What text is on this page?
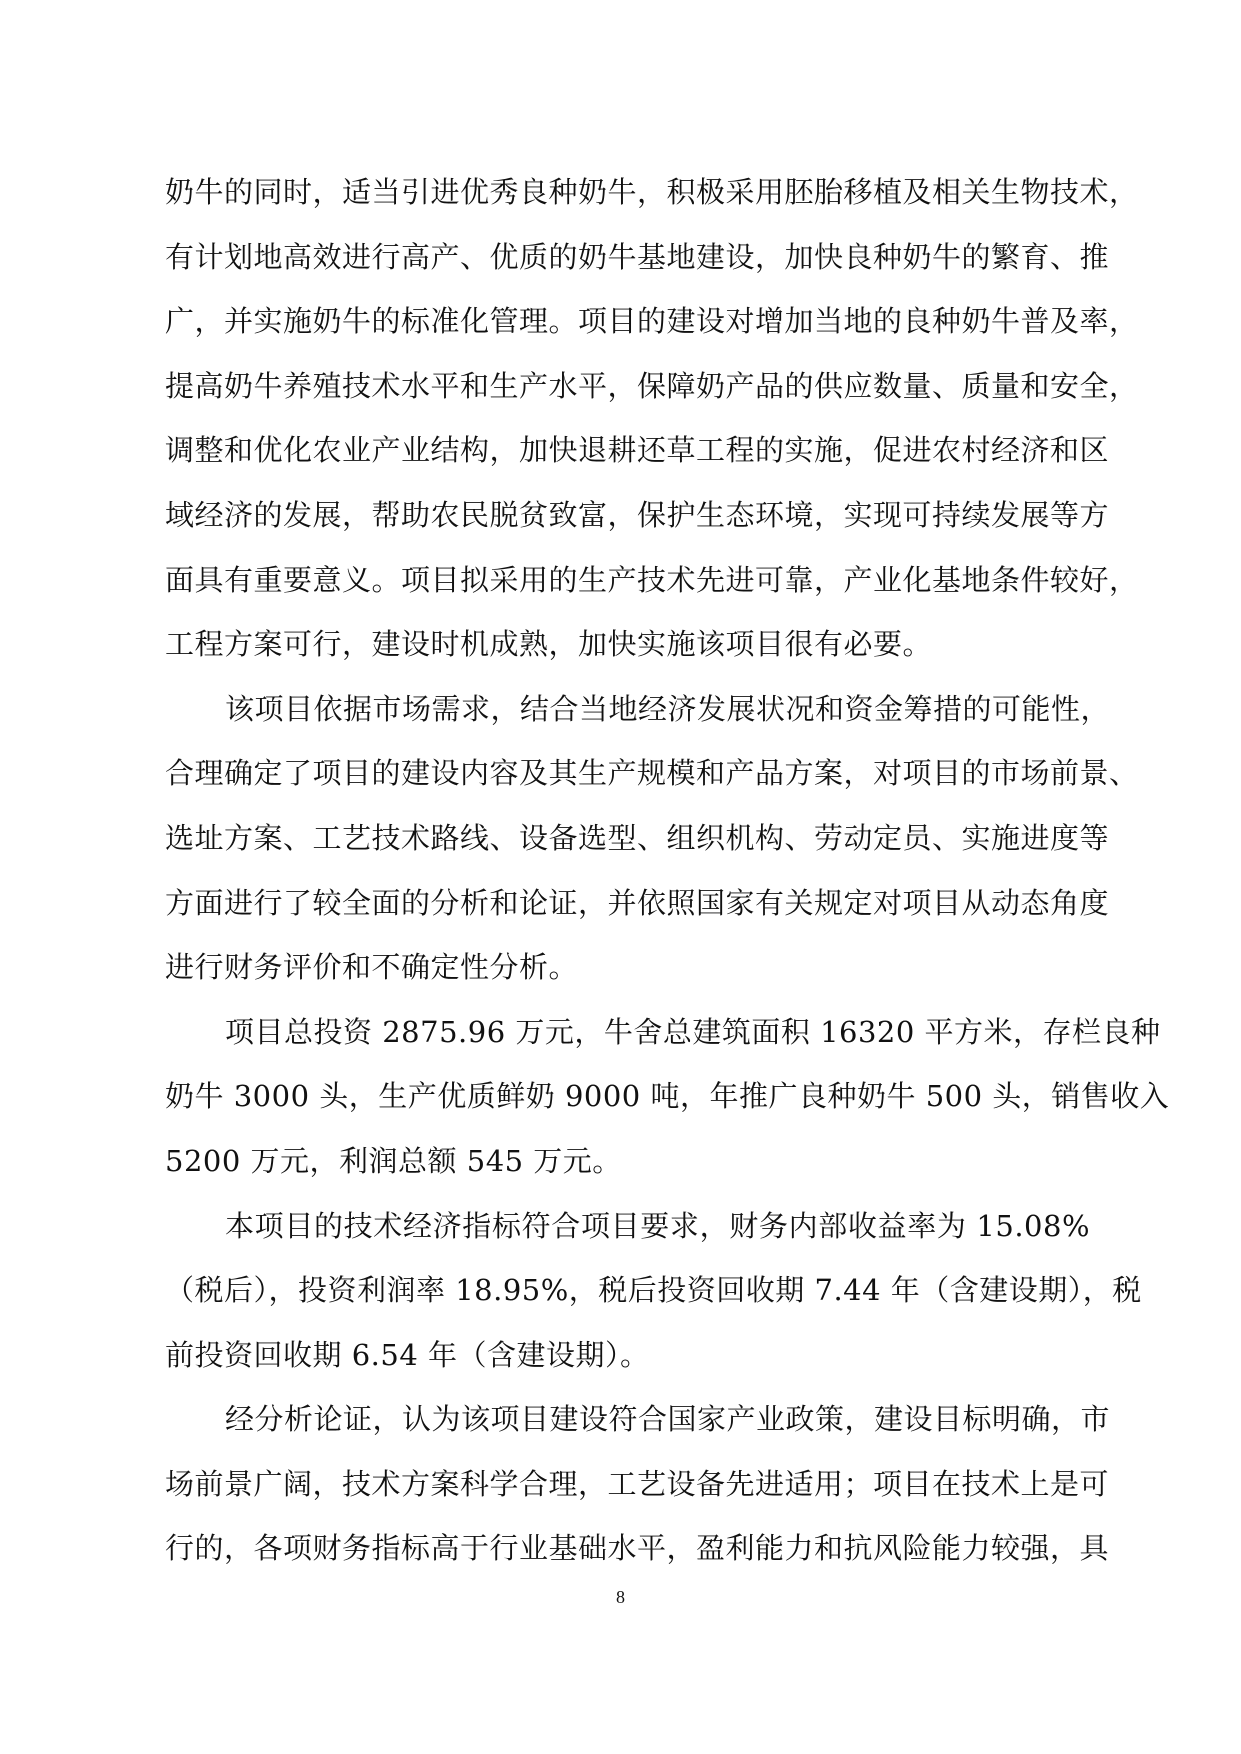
奶牛的同时，适当引进优秀良种奶牛，积极采用胚胎移植及相关生物技术，
有计划地高效进行高产、优质的奶牛基地建设，加快良种奶牛的繁育、推
广，并实施奶牛的标准化管理。项目的建设对增加当地的良种奶牛普及率，
提高奶牛养殖技术水平和生产水平，保障奶产品的供应数量、质量和安全，
调整和优化农业产业结构，加快退耕还草工程的实施，促进农村经济和区
域经济的发展，帮助农民脱贫致富，保护生态环境，实现可持续发展等方
面具有重要意义。项目拟采用的生产技术先进可靠，产业化基地条件较好，
工程方案可行，建设时机成熟，加快实施该项目很有必要。
该项目依据市场需求，结合当地经济发展状况和资金筹措的可能性，
合理确定了项目的建设内容及其生产规模和产品方案，对项目的市场前景、
选址方案、工艺技术路线、设备选型、组织机构、劳动定员、实施进度等
方面进行了较全面的分析和论证，并依照国家有关规定对项目从动态角度
进行财务评价和不确定性分析。
项目总投资 2875.96 万元，牛舍总建筑面积 16320 平方米，存栏良种
奶牛 3000 头，生产优质鲜奶 9000 吨，年推广良种奶牛 500 头，销售收入
5200 万元，利润总额 545 万元。
本项目的技术经济指标符合项目要求，财务内部收益率为 15.08%
（税后），投资利润率 18.95%，税后投资回收期 7.44 年（含建设期），税
前投资回收期 6.54 年（含建设期）。
经分析论证，认为该项目建设符合国家产业政策，建设目标明确，市
场前景广阔，技术方案科学合理，工艺设备先进适用；项目在技术上是可
行的，各项财务指标高于行业基础水平，盈利能力和抗风险能力较强，具
8
